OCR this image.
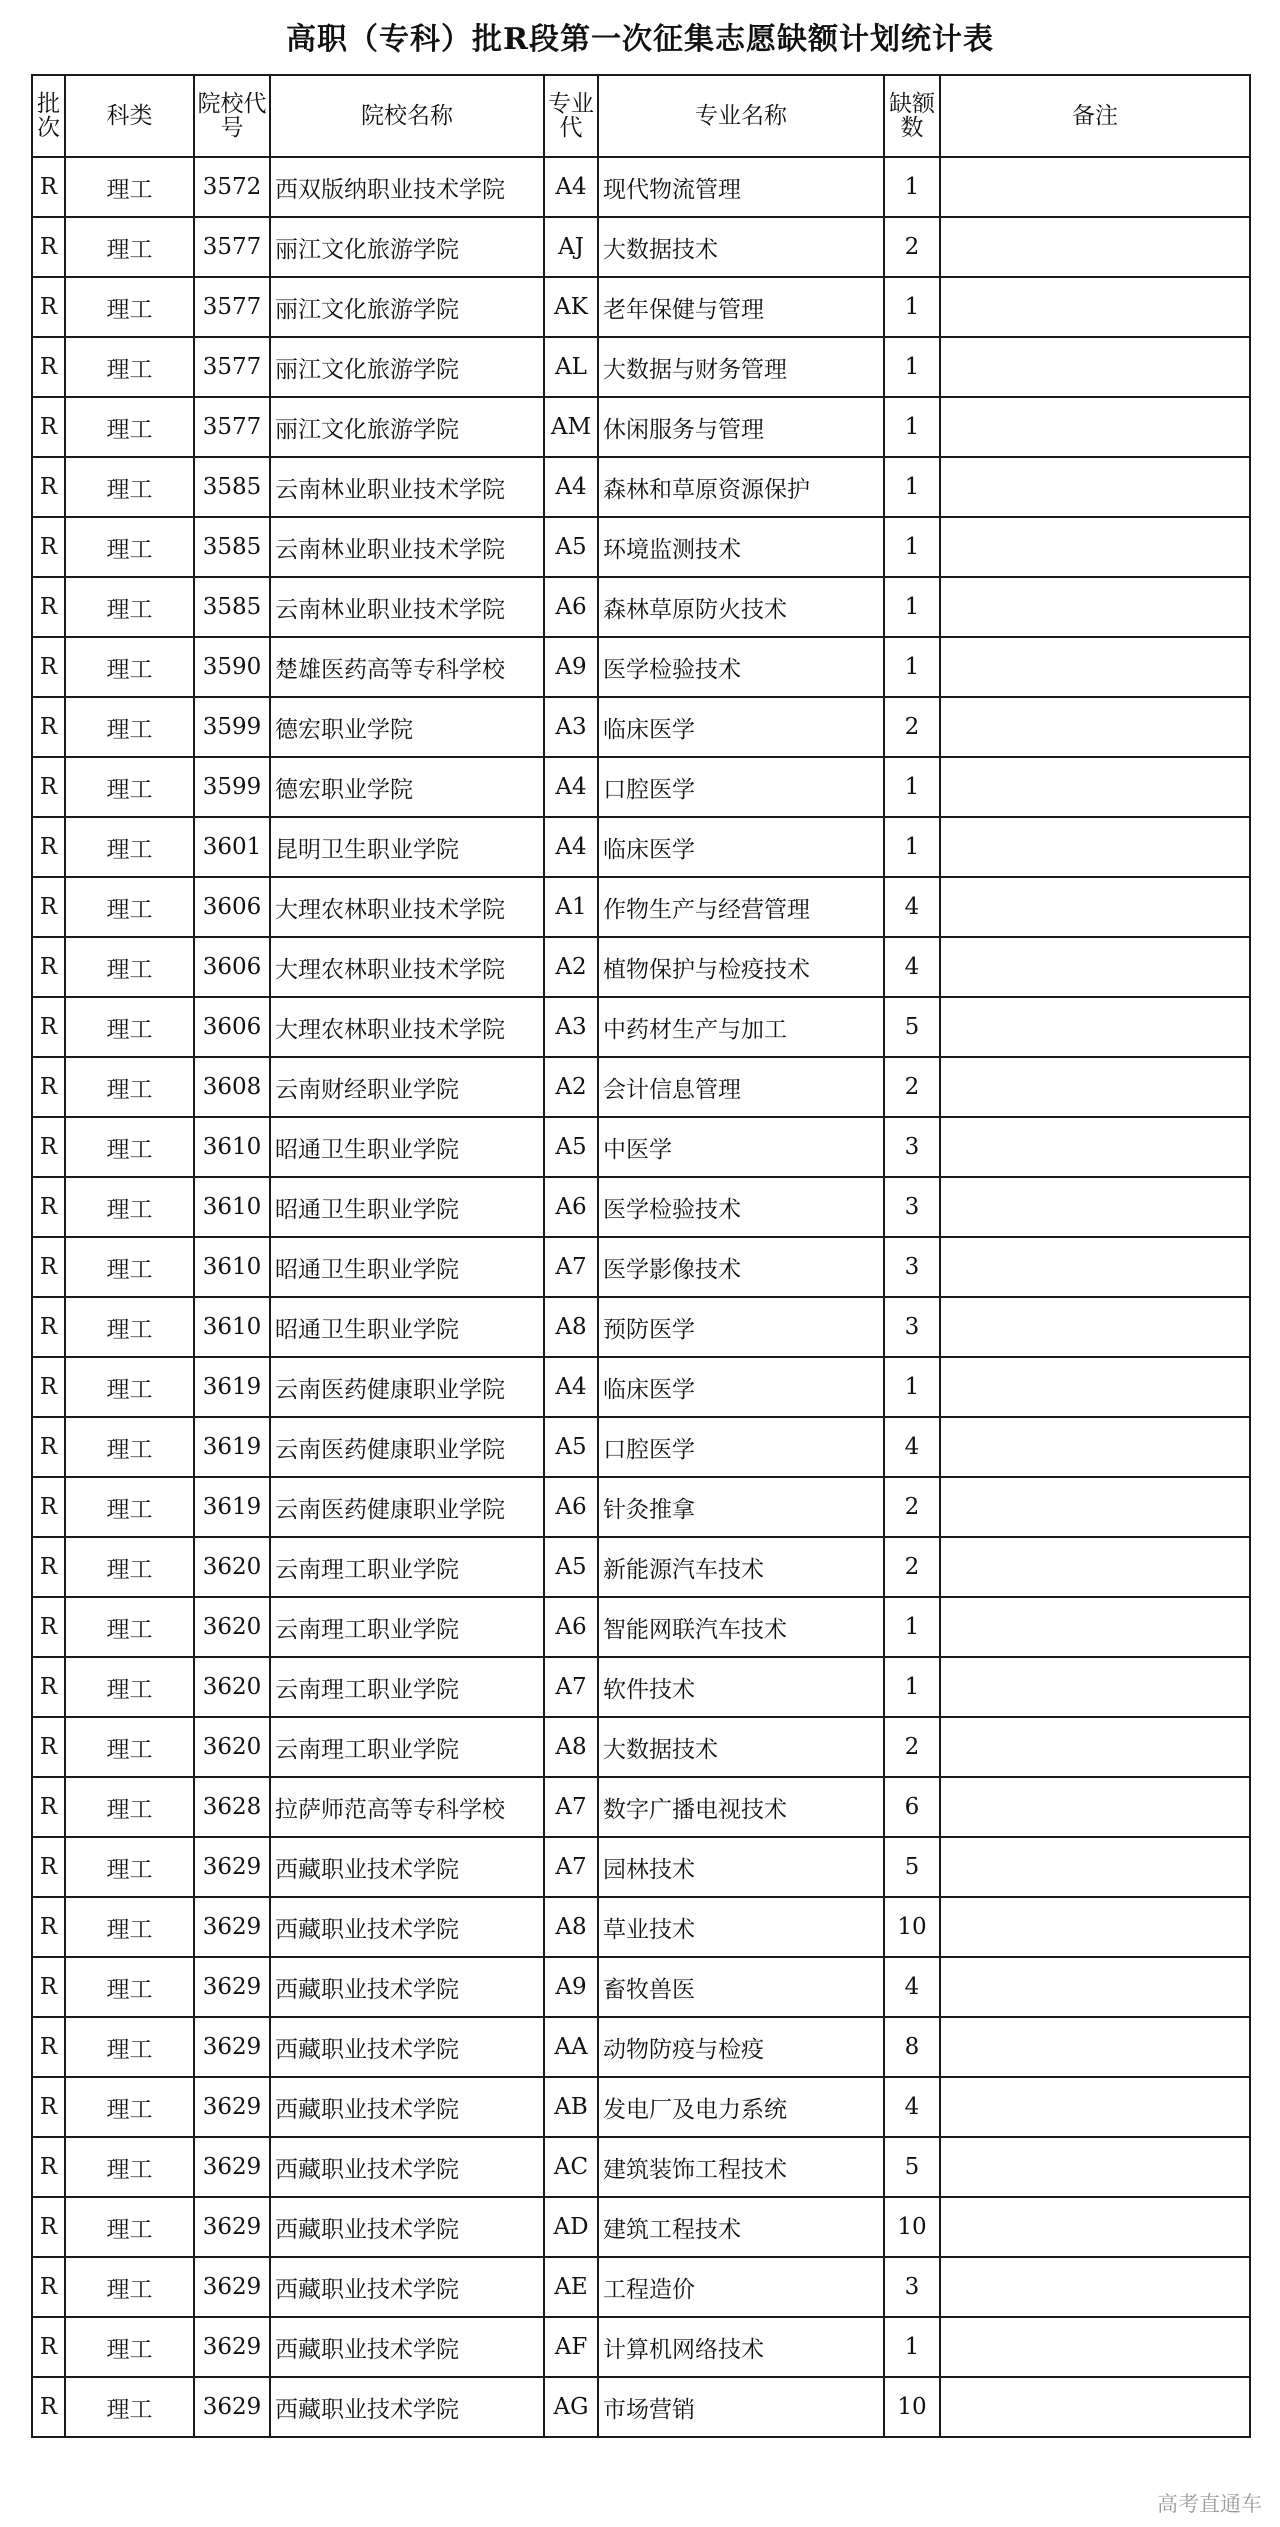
高职（专科）批R段第一次征集志愿缺额计划统计表
批次	科类	院校代号	院校名称	专业代	专业名称	缺额数	备注
R	理工	3572	西双版纳职业技术学院	A4	现代物流管理	1	
R	理工	3577	丽江文化旅游学院	AJ	大数据技术	2	
R	理工	3577	丽江文化旅游学院	AK	老年保健与管理	1	
R	理工	3577	丽江文化旅游学院	AL	大数据与财务管理	1	
R	理工	3577	丽江文化旅游学院	AM	休闲服务与管理	1	
R	理工	3585	云南林业职业技术学院	A4	森林和草原资源保护	1	
R	理工	3585	云南林业职业技术学院	A5	环境监测技术	1	
R	理工	3585	云南林业职业技术学院	A6	森林草原防火技术	1	
R	理工	3590	楚雄医药高等专科学校	A9	医学检验技术	1	
R	理工	3599	德宏职业学院	A3	临床医学	2	
R	理工	3599	德宏职业学院	A4	口腔医学	1	
R	理工	3601	昆明卫生职业学院	A4	临床医学	1	
R	理工	3606	大理农林职业技术学院	A1	作物生产与经营管理	4	
R	理工	3606	大理农林职业技术学院	A2	植物保护与检疫技术	4	
R	理工	3606	大理农林职业技术学院	A3	中药材生产与加工	5	
R	理工	3608	云南财经职业学院	A2	会计信息管理	2	
R	理工	3610	昭通卫生职业学院	A5	中医学	3	
R	理工	3610	昭通卫生职业学院	A6	医学检验技术	3	
R	理工	3610	昭通卫生职业学院	A7	医学影像技术	3	
R	理工	3610	昭通卫生职业学院	A8	预防医学	3	
R	理工	3619	云南医药健康职业学院	A4	临床医学	1	
R	理工	3619	云南医药健康职业学院	A5	口腔医学	4	
R	理工	3619	云南医药健康职业学院	A6	针灸推拿	2	
R	理工	3620	云南理工职业学院	A5	新能源汽车技术	2	
R	理工	3620	云南理工职业学院	A6	智能网联汽车技术	1	
R	理工	3620	云南理工职业学院	A7	软件技术	1	
R	理工	3620	云南理工职业学院	A8	大数据技术	2	
R	理工	3628	拉萨师范高等专科学校	A7	数字广播电视技术	6	
R	理工	3629	西藏职业技术学院	A7	园林技术	5	
R	理工	3629	西藏职业技术学院	A8	草业技术	10	
R	理工	3629	西藏职业技术学院	A9	畜牧兽医	4	
R	理工	3629	西藏职业技术学院	AA	动物防疫与检疫	8	
R	理工	3629	西藏职业技术学院	AB	发电厂及电力系统	4	
R	理工	3629	西藏职业技术学院	AC	建筑装饰工程技术	5	
R	理工	3629	西藏职业技术学院	AD	建筑工程技术	10	
R	理工	3629	西藏职业技术学院	AE	工程造价	3	
R	理工	3629	西藏职业技术学院	AF	计算机网络技术	1	
R	理工	3629	西藏职业技术学院	AG	市场营销	10	
高考直通车
